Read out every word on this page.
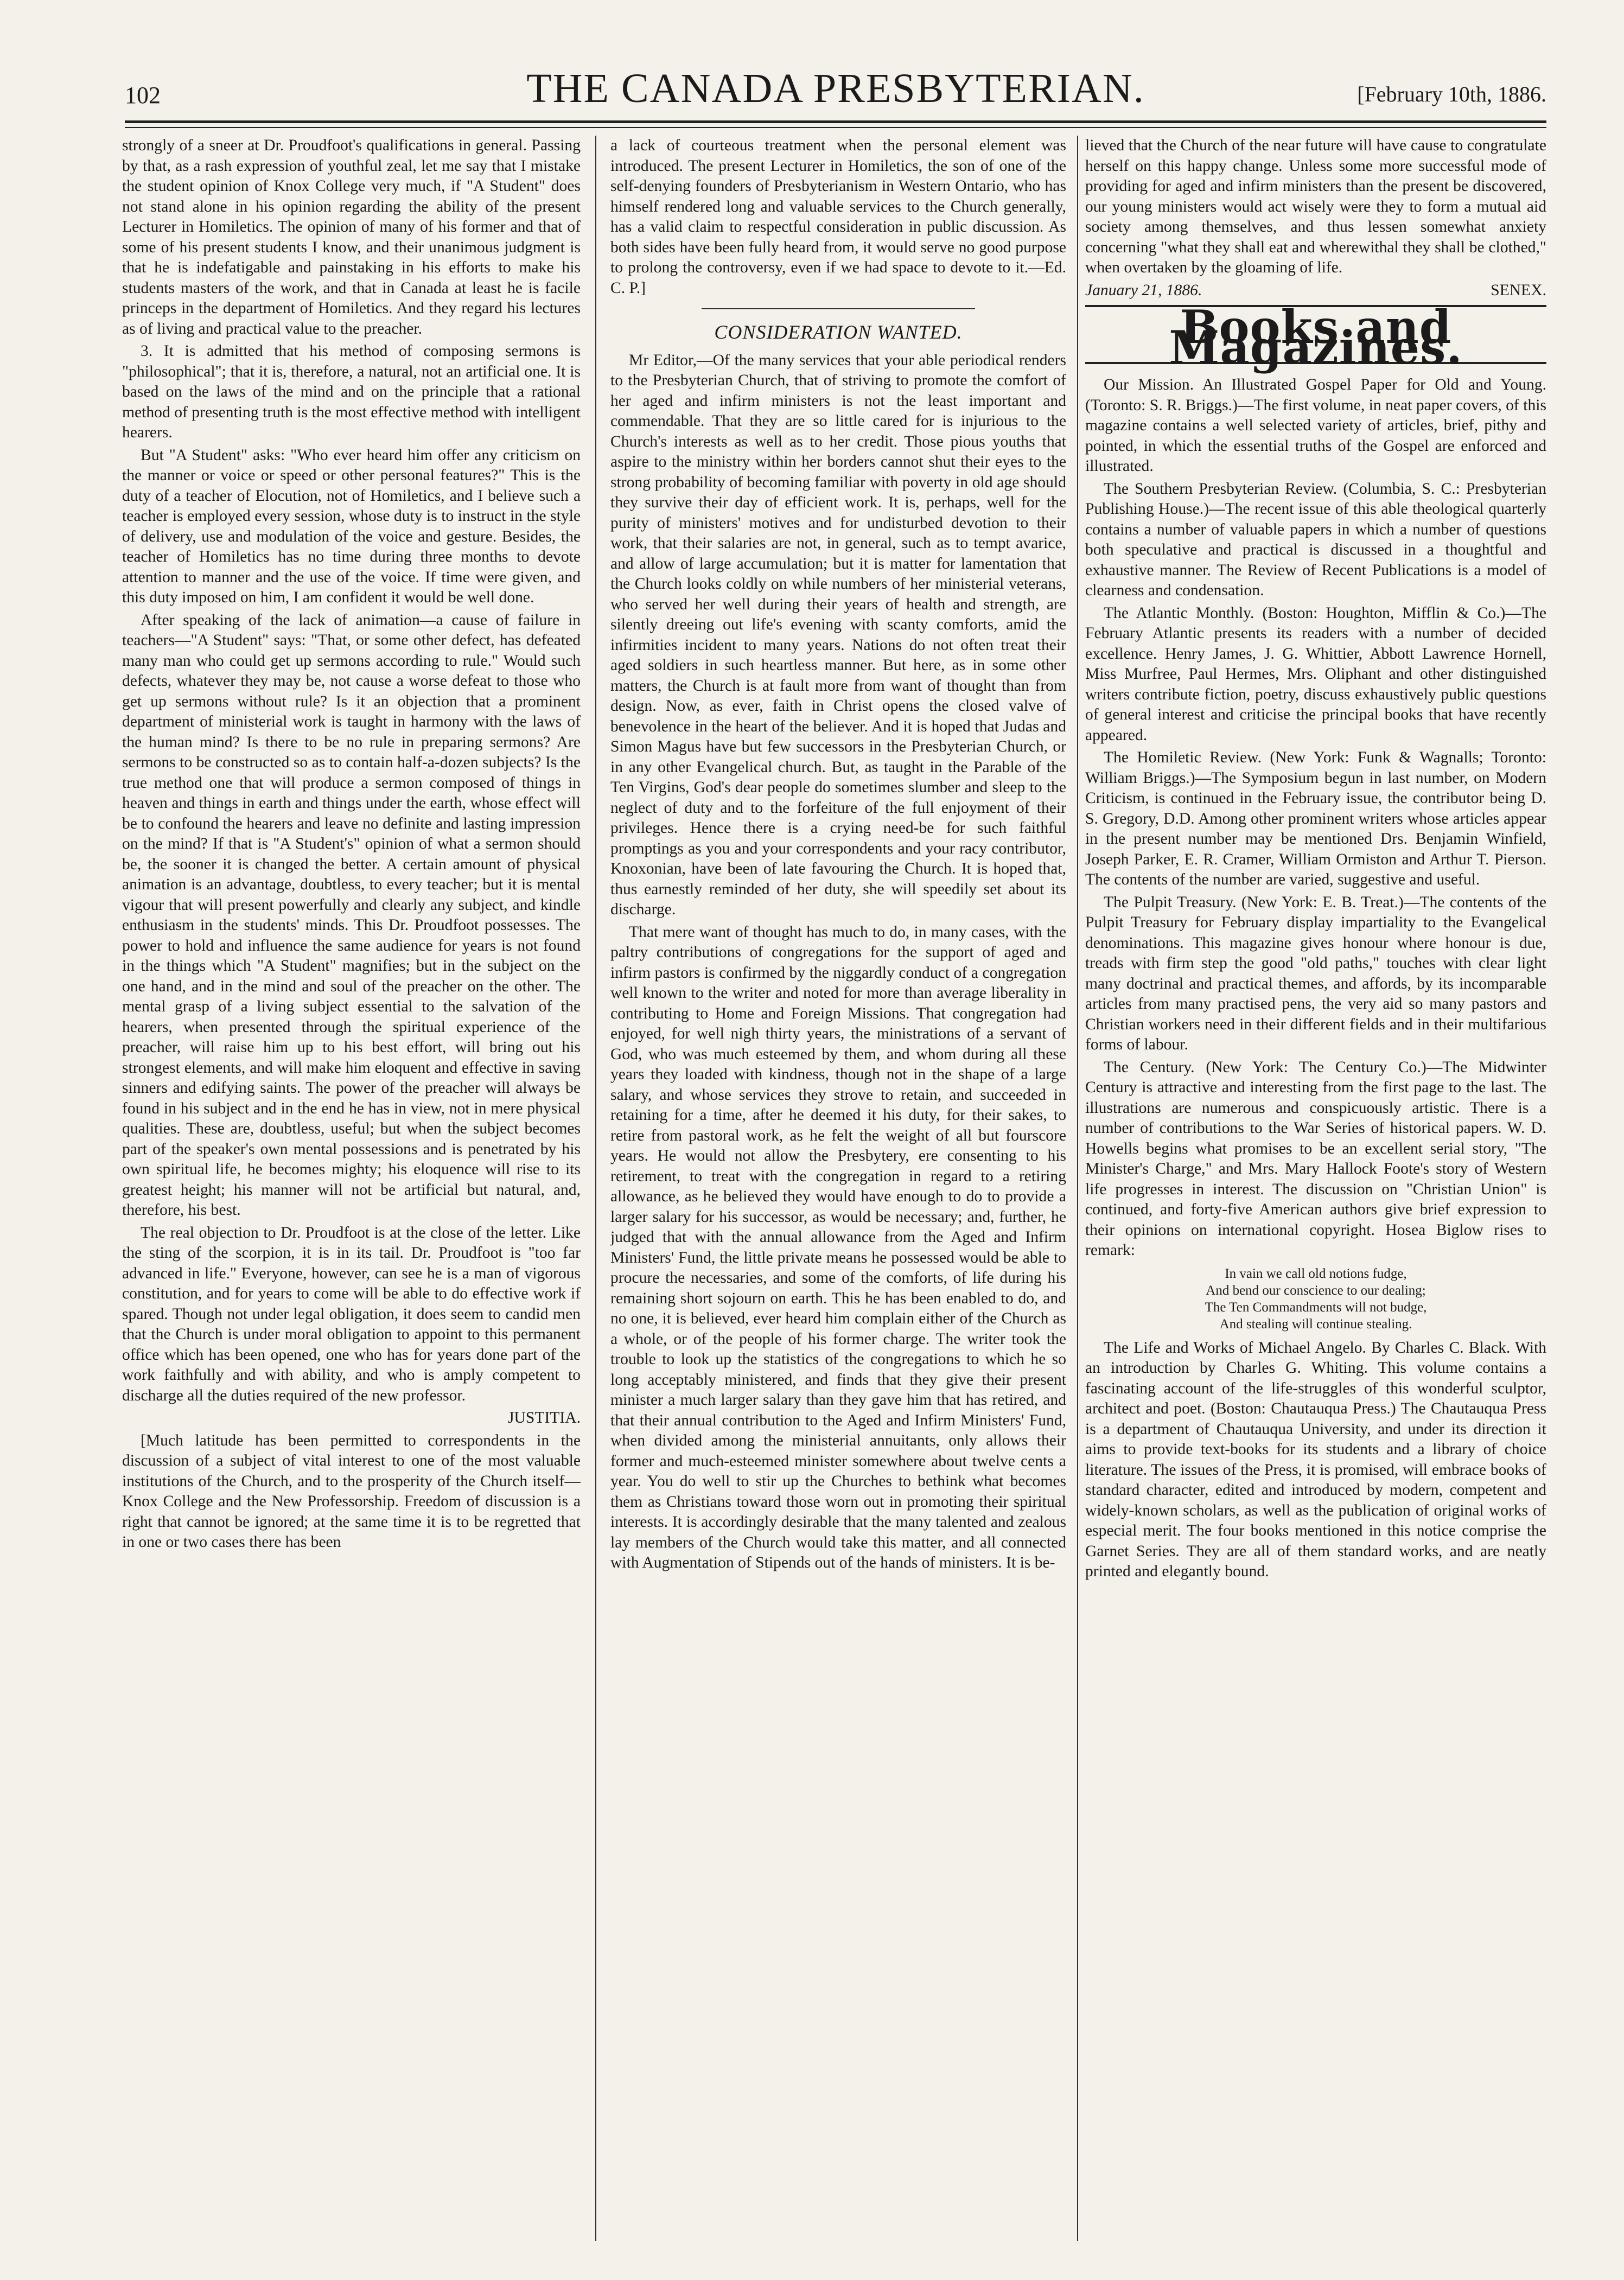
102	THE CANADA PRESBYTERIAN.	[February 10th, 1886.

strongly of a sneer at Dr. Proudfoot's qualifications in general. Passing by that, as a rash expression of youthful zeal, let me say that I mistake the student opinion of Knox College very much, if "A Student" does not stand alone in his opinion regarding the ability of the present Lecturer in Homiletics. The opinion of many of his former and that of some of his present students I know, and their unanimous judgment is that he is indefatigable and painstaking in his efforts to make his students masters of the work, and that in Canada at least he is facile princeps in the department of Homiletics. And they regard his lectures as of living and practical value to the preacher.

3. It is admitted that his method of composing sermons is "philosophical"; that it is, therefore, a natural, not an artificial one. It is based on the laws of the mind and on the principle that a rational method of presenting truth is the most effective method with intelligent hearers.

But "A Student" asks: "Who ever heard him offer any criticism on the manner or voice or speed or other personal features?" This is the duty of a teacher of Elocution, not of Homiletics, and I believe such a teacher is employed every session, whose duty is to instruct in the style of delivery, use and modulation of the voice and gesture. Besides, the teacher of Homiletics has no time during three months to devote attention to manner and the use of the voice. If time were given, and this duty imposed on him, I am confident it would be well done.

After speaking of the lack of animation—a cause of failure in teachers—"A Student" says: "That, or some other defect, has defeated many man who could get up sermons according to rule." Would such defects, whatever they may be, not cause a worse defeat to those who get up sermons without rule? Is it an objection that a prominent department of ministerial work is taught in harmony with the laws of the human mind? Is there to be no rule in preparing sermons? Are sermons to be constructed so as to contain half-a-dozen subjects? Is the true method one that will produce a sermon composed of things in heaven and things in earth and things under the earth, whose effect will be to confound the hearers and leave no definite and lasting impression on the mind? If that is "A Student's" opinion of what a sermon should be, the sooner it is changed the better. A certain amount of physical animation is an advantage, doubtless, to every teacher; but it is mental vigour that will present powerfully and clearly any subject, and kindle enthusiasm in the students' minds. This Dr. Proudfoot possesses. The power to hold and influence the same audience for years is not found in the things which "A Student" magnifies; but in the subject on the one hand, and in the mind and soul of the preacher on the other. The mental grasp of a living subject essential to the salvation of the hearers, when presented through the spiritual experience of the preacher, will raise him up to his best effort, will bring out his strongest elements, and will make him eloquent and effective in saving sinners and edifying saints. The power of the preacher will always be found in his subject and in the end he has in view, not in mere physical qualities. These are, doubtless, useful; but when the subject becomes part of the speaker's own mental possessions and is penetrated by his own spiritual life, he becomes mighty; his eloquence will rise to its greatest height; his manner will not be artificial but natural, and, therefore, his best.

The real objection to Dr. Proudfoot is at the close of the letter. Like the sting of the scorpion, it is in its tail. Dr. Proudfoot is "too far advanced in life." Everyone, however, can see he is a man of vigorous constitution, and for years to come will be able to do effective work if spared. Though not under legal obligation, it does seem to candid men that the Church is under moral obligation to appoint to this permanent office which has been opened, one who has for years done part of the work faithfully and with ability, and who is amply competent to discharge all the duties required of the new professor.

JUSTITIA.

[Much latitude has been permitted to correspondents in the discussion of a subject of vital interest to one of the most valuable institutions of the Church, and to the prosperity of the Church itself—Knox College and the New Professorship. Freedom of discussion is a right that cannot be ignored; at the same time it is to be regretted that in one or two cases there has been

a lack of courteous treatment when the personal element was introduced. The present Lecturer in Homiletics, the son of one of the self-denying founders of Presbyterianism in Western Ontario, who has himself rendered long and valuable services to the Church generally, has a valid claim to respectful consideration in public discussion. As both sides have been fully heard from, it would serve no good purpose to prolong the controversy, even if we had space to devote to it.—Ed. C. P.]

CONSIDERATION WANTED.

Mr Editor,—Of the many services that your able periodical renders to the Presbyterian Church, that of striving to promote the comfort of her aged and infirm ministers is not the least important and commendable. That they are so little cared for is injurious to the Church's interests as well as to her credit. Those pious youths that aspire to the ministry within her borders cannot shut their eyes to the strong probability of becoming familiar with poverty in old age should they survive their day of efficient work. It is, perhaps, well for the purity of ministers' motives and for undisturbed devotion to their work, that their salaries are not, in general, such as to tempt avarice, and allow of large accumulation; but it is matter for lamentation that the Church looks coldly on while numbers of her ministerial veterans, who served her well during their years of health and strength, are silently dreeing out life's evening with scanty comforts, amid the infirmities incident to many years. Nations do not often treat their aged soldiers in such heartless manner. But here, as in some other matters, the Church is at fault more from want of thought than from design. Now, as ever, faith in Christ opens the closed valve of benevolence in the heart of the believer. And it is hoped that Judas and Simon Magus have but few successors in the Presbyterian Church, or in any other Evangelical church. But, as taught in the Parable of the Ten Virgins, God's dear people do sometimes slumber and sleep to the neglect of duty and to the forfeiture of the full enjoyment of their privileges. Hence there is a crying need-be for such faithful promptings as you and your correspondents and your racy contributor, Knoxonian, have been of late favouring the Church. It is hoped that, thus earnestly reminded of her duty, she will speedily set about its discharge.

That mere want of thought has much to do, in many cases, with the paltry contributions of congregations for the support of aged and infirm pastors is confirmed by the niggardly conduct of a congregation well known to the writer and noted for more than average liberality in contributing to Home and Foreign Missions. That congregation had enjoyed, for well nigh thirty years, the ministrations of a servant of God, who was much esteemed by them, and whom during all these years they loaded with kindness, though not in the shape of a large salary, and whose services they strove to retain, and succeeded in retaining for a time, after he deemed it his duty, for their sakes, to retire from pastoral work, as he felt the weight of all but fourscore years. He would not allow the Presbytery, ere consenting to his retirement, to treat with the congregation in regard to a retiring allowance, as he believed they would have enough to do to provide a larger salary for his successor, as would be necessary; and, further, he judged that with the annual allowance from the Aged and Infirm Ministers' Fund, the little private means he possessed would be able to procure the necessaries, and some of the comforts, of life during his remaining short sojourn on earth. This he has been enabled to do, and no one, it is believed, ever heard him complain either of the Church as a whole, or of the people of his former charge. The writer took the trouble to look up the statistics of the congregations to which he so long acceptably ministered, and finds that they give their present minister a much larger salary than they gave him that has retired, and that their annual contribution to the Aged and Infirm Ministers' Fund, when divided among the ministerial annuitants, only allows their former and much-esteemed minister somewhere about twelve cents a year. You do well to stir up the Churches to bethink what becomes them as Christians toward those worn out in promoting their spiritual interests. It is accordingly desirable that the many talented and zealous lay members of the Church would take this matter, and all connected with Augmentation of Stipends out of the hands of ministers. It is be-

lieved that the Church of the near future will have cause to congratulate herself on this happy change. Unless some more successful mode of providing for aged and infirm ministers than the present be discovered, our young ministers would act wisely were they to form a mutual aid society among themselves, and thus lessen somewhat anxiety concerning "what they shall eat and wherewithal they shall be clothed," when overtaken by the gloaming of life.

January 21, 1886.	SENEX.
Books and Magazines.

Our Mission. An Illustrated Gospel Paper for Old and Young. (Toronto: S. R. Briggs.)—The first volume, in neat paper covers, of this magazine contains a well selected variety of articles, brief, pithy and pointed, in which the essential truths of the Gospel are enforced and illustrated.

The Southern Presbyterian Review. (Columbia, S. C.: Presbyterian Publishing House.)—The recent issue of this able theological quarterly contains a number of valuable papers in which a number of questions both speculative and practical is discussed in a thoughtful and exhaustive manner. The Review of Recent Publications is a model of clearness and condensation.

The Atlantic Monthly. (Boston: Houghton, Mifflin & Co.)—The February Atlantic presents its readers with a number of decided excellence. Henry James, J. G. Whittier, Abbott Lawrence Hornell, Miss Murfree, Paul Hermes, Mrs. Oliphant and other distinguished writers contribute fiction, poetry, discuss exhaustively public questions of general interest and criticise the principal books that have recently appeared.

The Homiletic Review. (New York: Funk & Wagnalls; Toronto: William Briggs.)—The Symposium begun in last number, on Modern Criticism, is continued in the February issue, the contributor being D. S. Gregory, D.D. Among other prominent writers whose articles appear in the present number may be mentioned Drs. Benjamin Winfield, Joseph Parker, E. R. Cramer, William Ormiston and Arthur T. Pierson. The contents of the number are varied, suggestive and useful.

The Pulpit Treasury. (New York: E. B. Treat.)—The contents of the Pulpit Treasury for February display impartiality to the Evangelical denominations. This magazine gives honour where honour is due, treads with firm step the good "old paths," touches with clear light many doctrinal and practical themes, and affords, by its incomparable articles from many practised pens, the very aid so many pastors and Christian workers need in their different fields and in their multifarious forms of labour.

The Century. (New York: The Century Co.)—The Midwinter Century is attractive and interesting from the first page to the last. The illustrations are numerous and conspicuously artistic. There is a number of contributions to the War Series of historical papers. W. D. Howells begins what promises to be an excellent serial story, "The Minister's Charge," and Mrs. Mary Hallock Foote's story of Western life progresses in interest. The discussion on "Christian Union" is continued, and forty-five American authors give brief expression to their opinions on international copyright. Hosea Biglow rises to remark:

In vain we call old notions fudge,
And bend our conscience to our dealing;
The Ten Commandments will not budge,
And stealing will continue stealing.

The Life and Works of Michael Angelo. By Charles C. Black. With an introduction by Charles G. Whiting. This volume contains a fascinating account of the life-struggles of this wonderful sculptor, architect and poet. (Boston: Chautauqua Press.) The Chautauqua Press is a department of Chautauqua University, and under its direction it aims to provide text-books for its students and a library of choice literature. The issues of the Press, it is promised, will embrace books of standard character, edited and introduced by modern, competent and widely-known scholars, as well as the publication of original works of especial merit. The four books mentioned in this notice comprise the Garnet Series. They are all of them standard works, and are neatly printed and elegantly bound.
